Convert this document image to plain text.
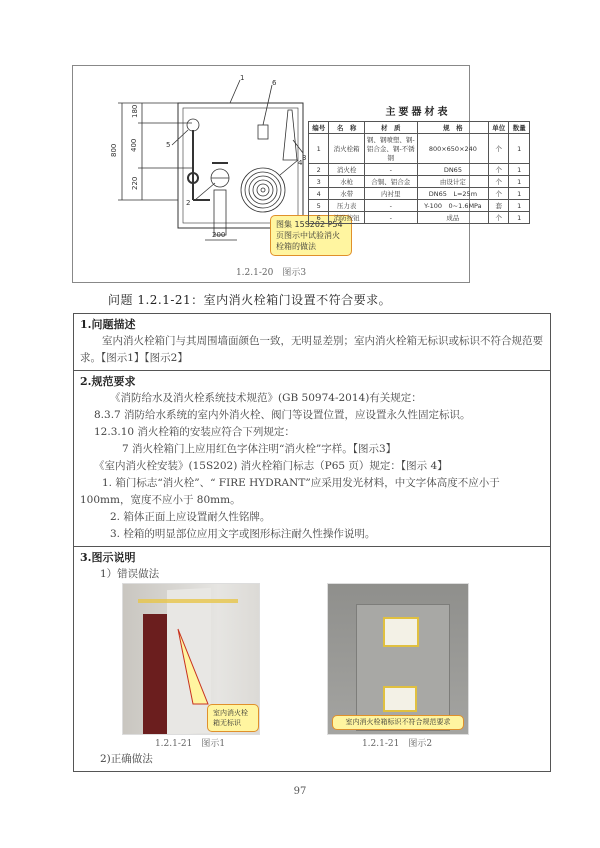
1
6
3
4
5
2
800
180
400
220
200
图集 15S202 P54 页图示中试验消火栓箱的做法
主要器材表
编号	名　称	材　质	规　格	单位	数量
1	消火栓箱	钢、钢喷塑、钢-铝合金、钢-不锈钢	800×650×240	个	1
2	消火栓	-	DN65	个	1
3	水枪	合铜、铝合金	由设计定	个	1
4	水带	内衬里	DN65　L=25m	个	1
5	压力表	-	Y-100　0~1.6MPa	套	1
6	消防按钮	-	成品	个	1
1.2.1-20　图示3
问题 1.2.1-21：室内消火栓箱门设置不符合要求。
1.问题描述

室内消火栓箱门与其周围墙面颜色一致，无明显差别；室内消火栓箱无标识或标识不符合规范要求。【图示1】【图示2】

2.规范要求

《消防给水及消火栓系统技术规范》(GB 50974-2014)有关规定：

8.3.7 消防给水系统的室内外消火栓、阀门等设置位置，应设置永久性固定标识。

12.3.10 消火栓箱的安装应符合下列规定：

7 消火栓箱门上应用红色字体注明“消火栓”字样。【图示3】

《室内消火栓安装》(15S202) 消火栓箱门标志（P65 页）规定：【图示 4】

1. 箱门标志“消火栓”、“ FIRE HYDRANT”应采用发光材料，中文字体高度不应小于 100mm，宽度不应小于 80mm。

2. 箱体正面上应设置耐久性铭牌。

3. 栓箱的明显部位应用文字或图形标注耐久性操作说明。

3.图示说明

1）错误做法

室内消火栓箱无标识
1.2.1-21　图示1
室内消火栓箱标识不符合规范要求
1.2.1-21　图示2

2)正确做法

97
